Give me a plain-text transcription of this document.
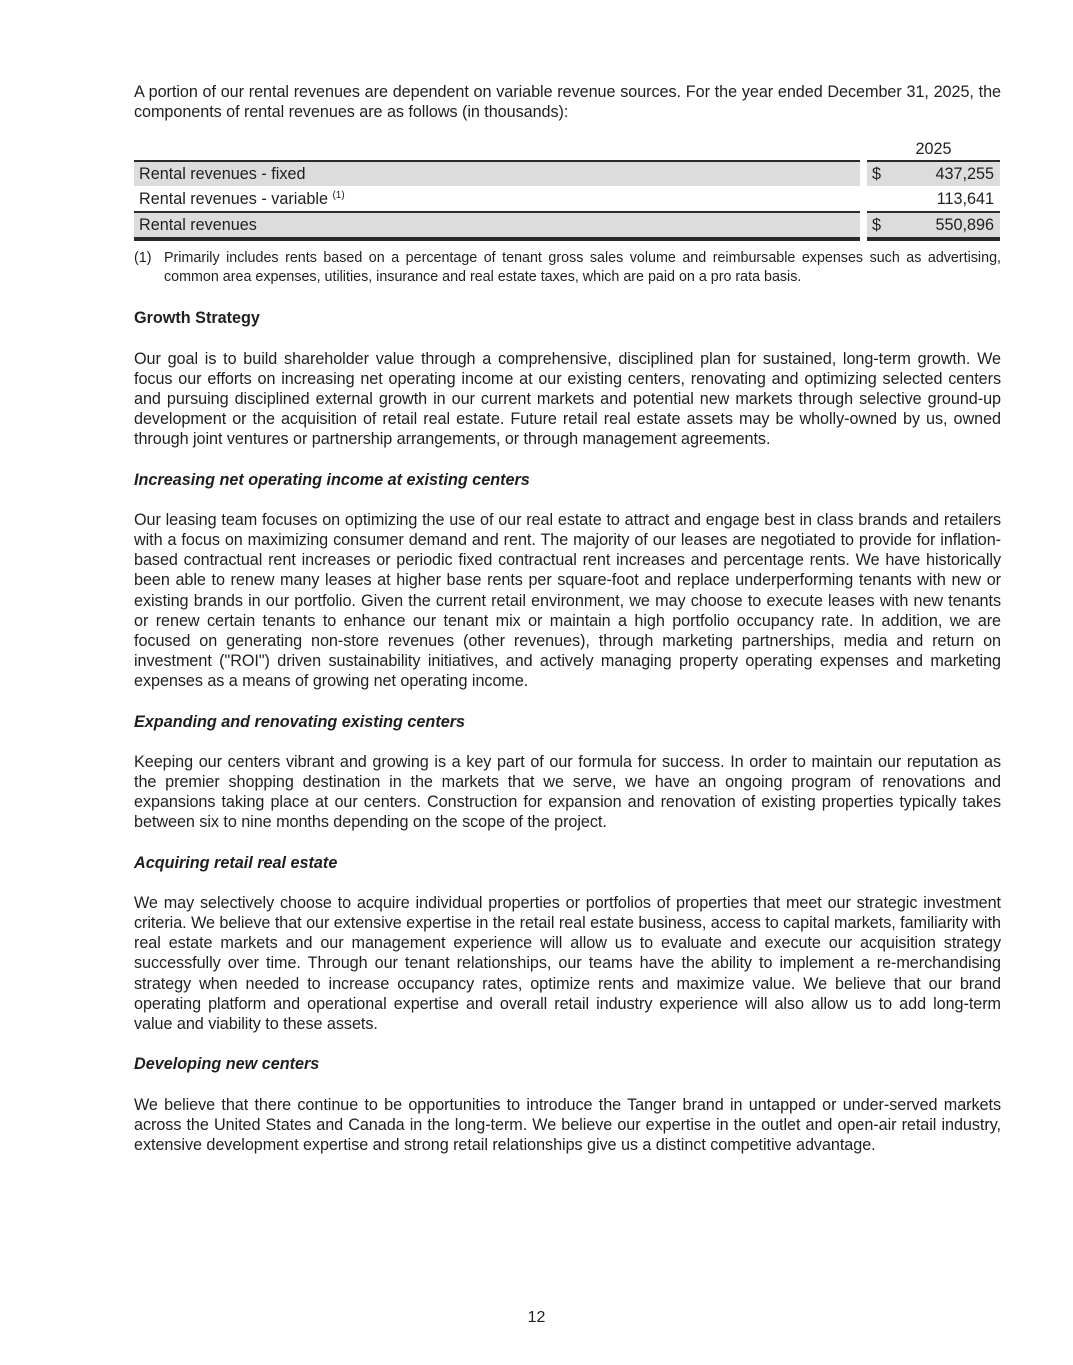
A portion of our rental revenues are dependent on variable revenue sources. For the year ended December 31, 2025, the components of rental revenues are as follows (in thousands):

2025
Rental revenues - fixed	$	437,255
Rental revenues - variable $^{(1)}$	113,641
Rental revenues	$	550,896
(1) Primarily includes rents based on a percentage of tenant gross sales volume and reimbursable expenses such as advertising, common area expenses, utilities, insurance and real estate taxes, which are paid on a pro rata basis.
Growth Strategy

Our goal is to build shareholder value through a comprehensive, disciplined plan for sustained, long-term growth. We focus our efforts on increasing net operating income at our existing centers, renovating and optimizing selected centers and pursuing disciplined external growth in our current markets and potential new markets through selective ground-up development or the acquisition of retail real estate. Future retail real estate assets may be wholly-owned by us, owned through joint ventures or partnership arrangements, or through management agreements.

Increasing net operating income at existing centers

Our leasing team focuses on optimizing the use of our real estate to attract and engage best in class brands and retailers with a focus on maximizing consumer demand and rent. The majority of our leases are negotiated to provide for inflation-based contractual rent increases or periodic fixed contractual rent increases and percentage rents. We have historically been able to renew many leases at higher base rents per square-foot and replace underperforming tenants with new or existing brands in our portfolio. Given the current retail environment, we may choose to execute leases with new tenants or renew certain tenants to enhance our tenant mix or maintain a high portfolio occupancy rate. In addition, we are focused on generating non-store revenues (other revenues), through marketing partnerships, media and return on investment ("ROI") driven sustainability initiatives, and actively managing property operating expenses and marketing expenses as a means of growing net operating income.

Expanding and renovating existing centers

Keeping our centers vibrant and growing is a key part of our formula for success. In order to maintain our reputation as the premier shopping destination in the markets that we serve, we have an ongoing program of renovations and expansions taking place at our centers. Construction for expansion and renovation of existing properties typically takes between six to nine months depending on the scope of the project.

Acquiring retail real estate

We may selectively choose to acquire individual properties or portfolios of properties that meet our strategic investment criteria. We believe that our extensive expertise in the retail real estate business, access to capital markets, familiarity with real estate markets and our management experience will allow us to evaluate and execute our acquisition strategy successfully over time. Through our tenant relationships, our teams have the ability to implement a re-merchandising strategy when needed to increase occupancy rates, optimize rents and maximize value. We believe that our brand operating platform and operational expertise and overall retail industry experience will also allow us to add long-term value and viability to these assets.

Developing new centers

We believe that there continue to be opportunities to introduce the Tanger brand in untapped or under-served markets across the United States and Canada in the long-term. We believe our expertise in the outlet and open-air retail industry, extensive development expertise and strong retail relationships give us a distinct competitive advantage.

12
